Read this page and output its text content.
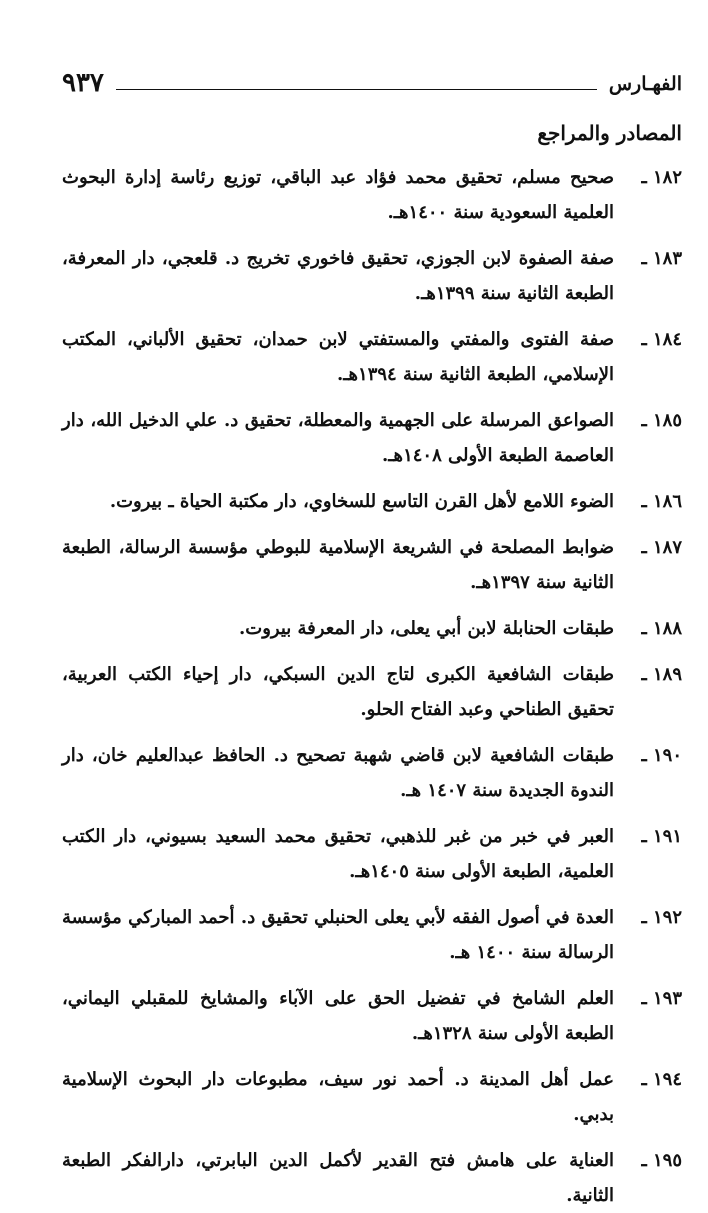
الفهـارس
٩٣٧
المصادر والمراجع
١٨٢ ـ
صحيح مسلم، تحقيق محمد فؤاد عبد الباقي، توزيع رئاسة إدارة البحوث العلمية السعودية سنة ١٤٠٠هـ.
١٨٣ ـ
صفة الصفوة لابن الجوزي، تحقيق فاخوري تخريج د. قلعجي، دار المعرفة، الطبعة الثانية سنة ١٣٩٩هـ.
١٨٤ ـ
صفة الفتوى والمفتي والمستفتي لابن حمدان، تحقيق الألباني، المكتب الإسلامي، الطبعة الثانية سنة ١٣٩٤هـ.
١٨٥ ـ
الصواعق المرسلة على الجهمية والمعطلة، تحقيق د. علي الدخيل الله، دار العاصمة الطبعة الأولى ١٤٠٨هـ.
١٨٦ ـ
الضوء اللامع لأهل القرن التاسع للسخاوي، دار مكتبة الحياة ـ بيروت.
١٨٧ ـ
ضوابط المصلحة في الشريعة الإسلامية للبوطي مؤسسة الرسالة، الطبعة الثانية سنة ١٣٩٧هـ.
١٨٨ ـ
طبقات الحنابلة لابن أبي يعلى، دار المعرفة بيروت.
١٨٩ ـ
طبقات الشافعية الكبرى لتاج الدين السبكي، دار إحياء الكتب العربية، تحقيق الطناحي وعبد الفتاح الحلو.
١٩٠ ـ
طبقات الشافعية لابن قاضي شهبة تصحيح د. الحافظ عبدالعليم خان، دار الندوة الجديدة سنة ١٤٠٧ هـ.
١٩١ ـ
العبر في خبر من غبر للذهبي، تحقيق محمد السعيد بسيوني، دار الكتب العلمية، الطبعة الأولى سنة ١٤٠٥هـ.
١٩٢ ـ
العدة في أصول الفقه لأبي يعلى الحنبلي تحقيق د. أحمد المباركي مؤسسة الرسالة سنة ١٤٠٠ هـ.
١٩٣ ـ
العلم الشامخ في تفضيل الحق على الآباء والمشايخ للمقبلي اليماني، الطبعة الأولى سنة ١٣٢٨هـ.
١٩٤ ـ
عمل أهل المدينة د. أحمد نور سيف، مطبوعات دار البحوث الإسلامية بدبي.
١٩٥ ـ
العناية على هامش فتح القدير لأكمل الدين البابرتي، دارالفكر الطبعة الثانية.
